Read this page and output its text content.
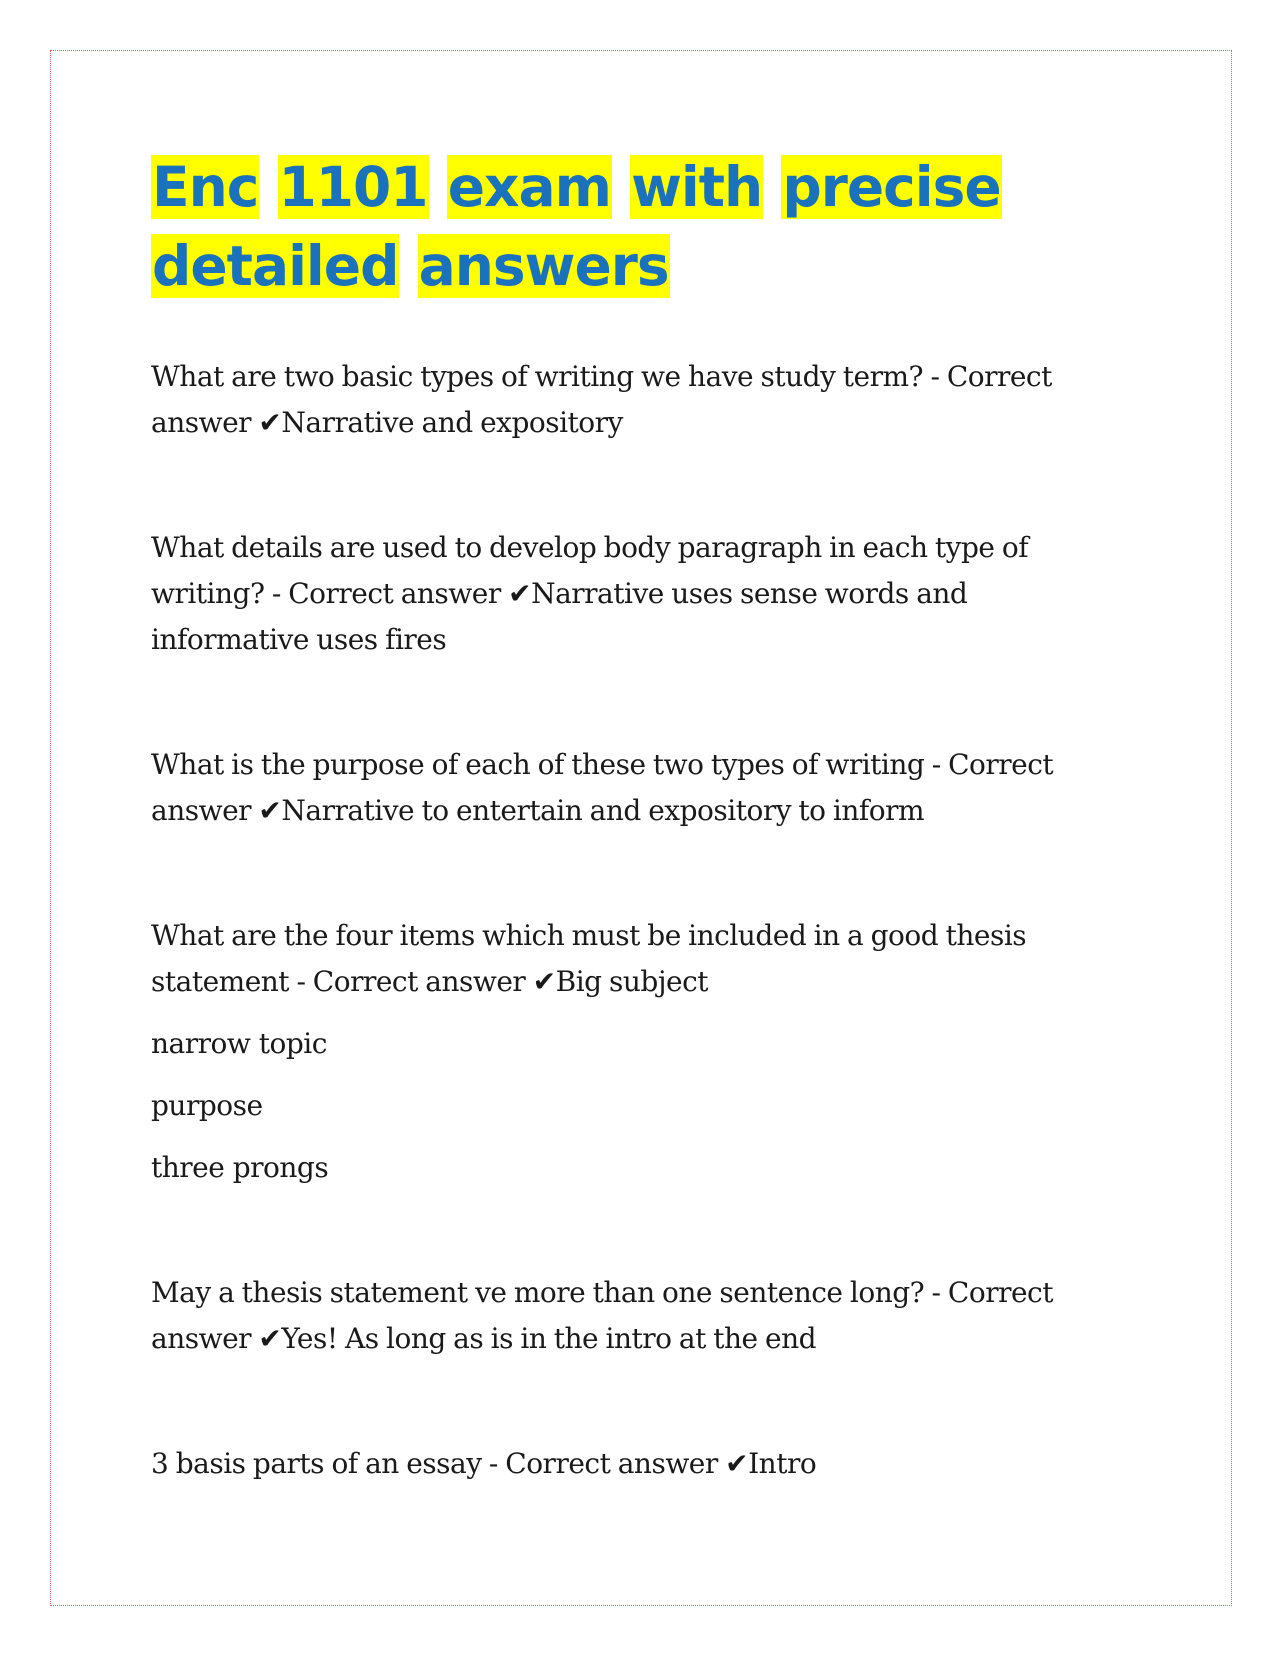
Enc 1101 exam with precise
detailed answers

What are two basic types of writing we have study term? - Correct answer ✔Narrative and expository

What details are used to develop body paragraph in each type of writing? - Correct answer ✔Narrative uses sense words and informative uses fires

What is the purpose of each of these two types of writing - Correct answer ✔Narrative to entertain and expository to inform

What are the four items which must be included in a good thesis statement - Correct answer ✔Big subject

narrow topic

purpose

three prongs

May a thesis statement ve more than one sentence long? - Correct answer ✔Yes! As long as is in the intro at the end

3 basis parts of an essay - Correct answer ✔Intro
